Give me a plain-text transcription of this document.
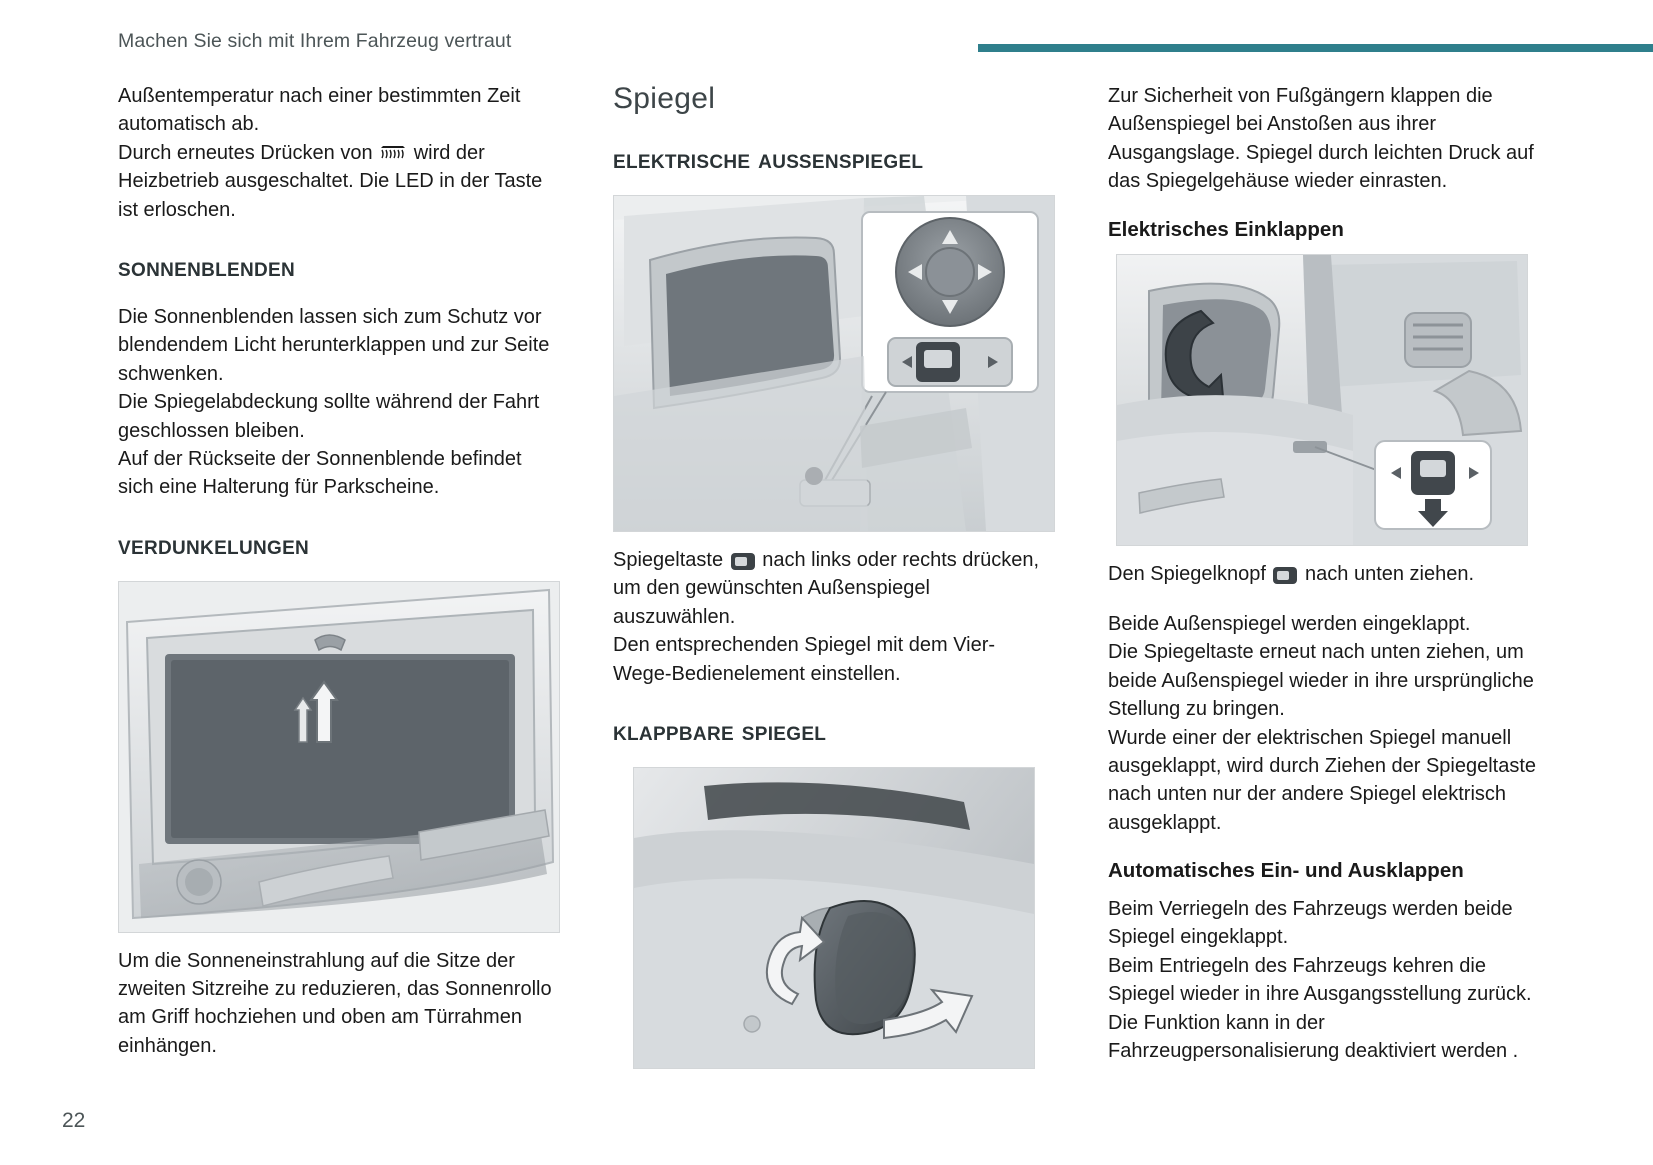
Machen Sie sich mit Ihrem Fahrzeug vertraut

Außentemperatur nach einer bestimmten Zeit automatisch ab.

Durch erneutes Drücken von wird der Heizbetrieb ausgeschaltet. Die LED in der Taste ist erloschen.

sonnenblenden

Die Sonnenblenden lassen sich zum Schutz vor blendendem Licht herunterklappen und zur Seite schwenken.

Die Spiegelabdeckung sollte während der Fahrt geschlossen bleiben.

Auf der Rückseite der Sonnenblende befindet sich eine Halterung für Parkscheine.

verdunkelungen

Um die Sonneneinstrahlung auf die Sitze der zweiten Sitzreihe zu reduzieren, das Sonnenrollo am Griff hochziehen und oben am Türrahmen einhängen.

Spiegel
elektrische außenspiegel

Spiegeltaste nach links oder rechts drücken, um den gewünschten Außenspiegel auszuwählen.

Den entsprechenden Spiegel mit dem Vier-Wege-Bedienelement einstellen.

klappbare spiegel

Zur Sicherheit von Fußgängern klappen die Außenspiegel bei Anstoßen aus ihrer Ausgangslage. Spiegel durch leichten Druck auf das Spiegelgehäuse wieder einrasten.

Elektrisches Einklappen

Den Spiegelknopf nach unten ziehen.

Beide Außenspiegel werden eingeklappt.

Die Spiegeltaste erneut nach unten ziehen, um beide Außenspiegel wieder in ihre ursprüngliche Stellung zu bringen.

Wurde einer der elektrischen Spiegel manuell ausgeklappt, wird durch Ziehen der Spiegeltaste nach unten nur der andere Spiegel elektrisch ausgeklappt.

Automatisches Ein- und Ausklappen

Beim Verriegeln des Fahrzeugs werden beide Spiegel eingeklappt.

Beim Entriegeln des Fahrzeugs kehren die Spiegel wieder in ihre Ausgangsstellung zurück.

Die Funktion kann in der Fahrzeugpersonalisierung deaktiviert werden .

22
